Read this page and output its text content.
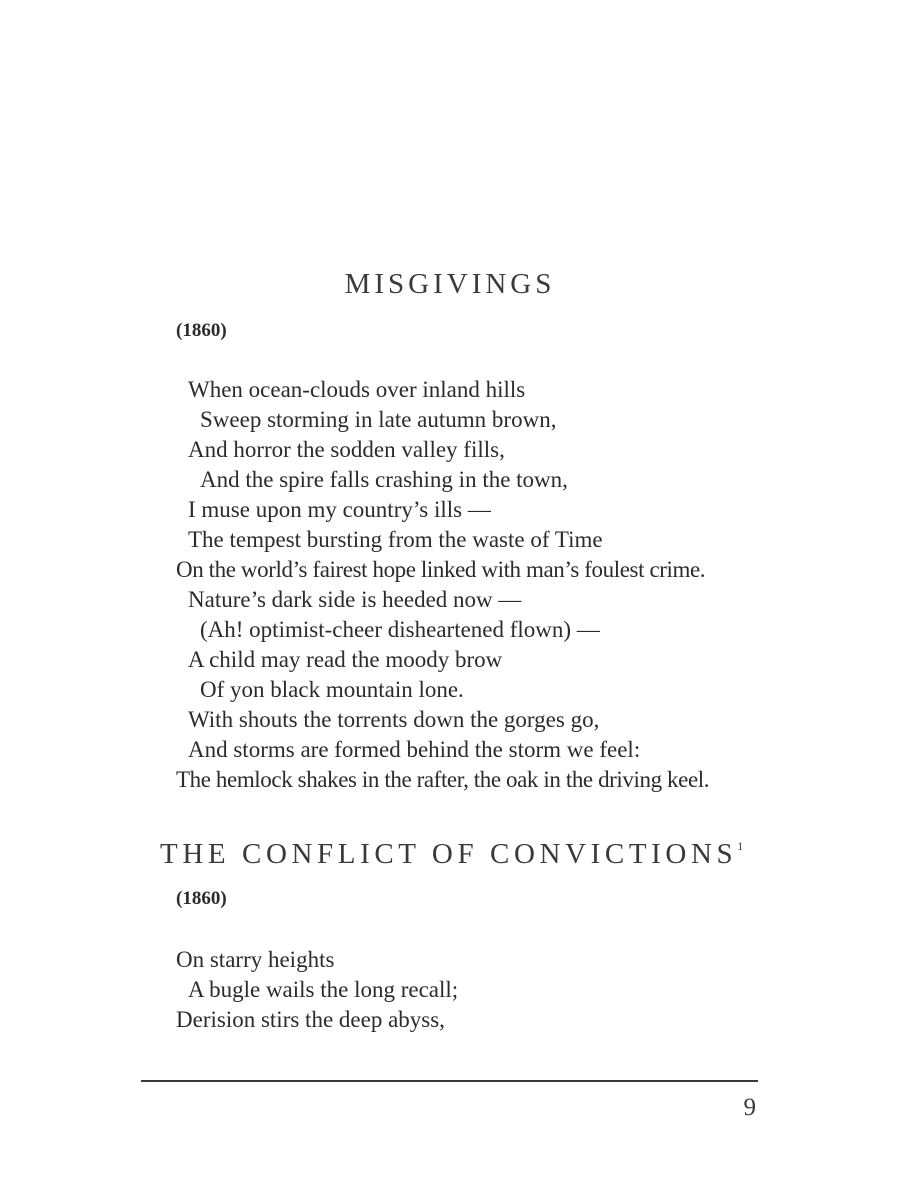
MISGIVINGS
(1860)
When ocean-clouds over inland hills
Sweep storming in late autumn brown,
And horror the sodden valley fills,
And the spire falls crashing in the town,
I muse upon my country’s ills —
The tempest bursting from the waste of Time
On the world’s fairest hope linked with man’s foulest crime.
Nature’s dark side is heeded now —
(Ah! optimist-cheer disheartened flown) —
A child may read the moody brow
Of yon black mountain lone.
With shouts the torrents down the gorges go,
And storms are formed behind the storm we feel:
The hemlock shakes in the rafter, the oak in the driving keel.
THE CONFLICT OF CONVICTIONS$^1$
(1860)
On starry heights
A bugle wails the long recall;
Derision stirs the deep abyss,
9
